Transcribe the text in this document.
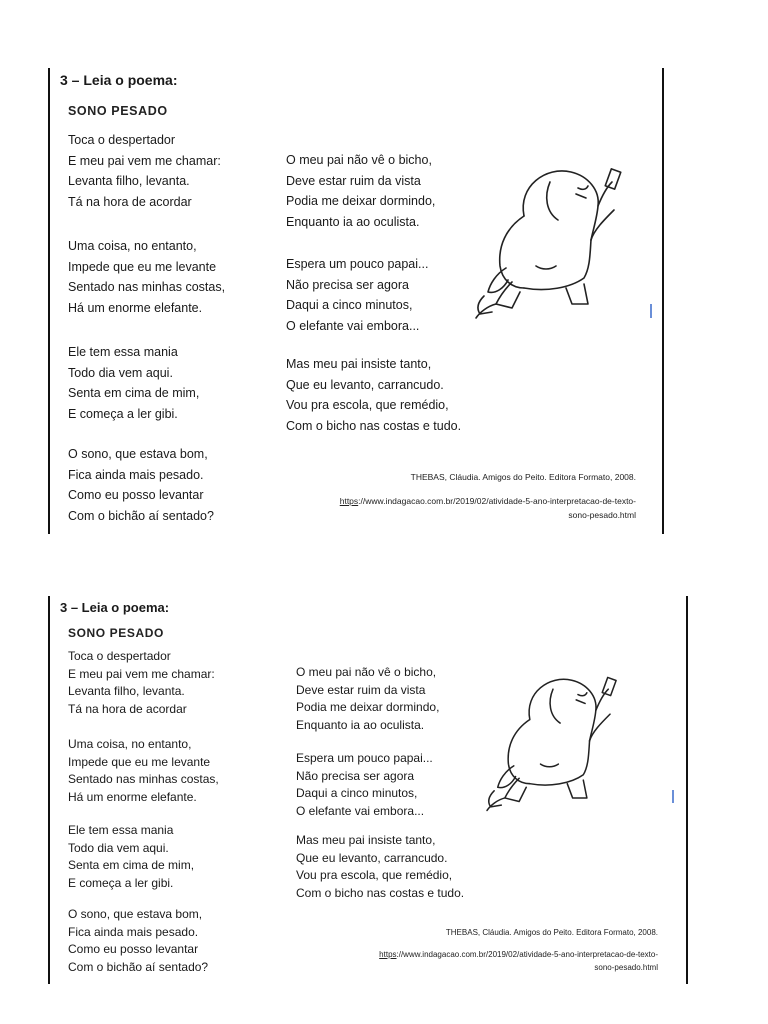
3 – Leia o poema:
SONO PESADO
Toca o despertador
E meu pai vem me chamar:
Levanta filho, levanta.
Tá na hora de acordar
Uma coisa, no entanto,
Impede que eu me levante
Sentado nas minhas costas,
Há um enorme elefante.
Ele tem essa mania
Todo dia vem aqui.
Senta em cima de mim,
E começa a ler gibi.
O sono, que estava bom,
Fica ainda mais pesado.
Como eu posso levantar
Com o bichão aí sentado?
O meu pai não vê o bicho,
Deve estar ruim da vista
Podia me deixar dormindo,
Enquanto ia ao oculista.
Espera um pouco papai...
Não precisa ser agora
Daqui a cinco minutos,
O elefante vai embora...
Mas meu pai insiste tanto,
Que eu levanto, carrancudo.
Vou pra escola, que remédio,
Com o bicho nas costas e tudo.
THEBAS, Cláudia. Amigos do Peito. Editora Formato, 2008.
https://www.indagacao.com.br/2019/02/atividade-5-ano-interpretacao-de-texto-
sono-pesado.html
3 – Leia o poema:
SONO PESADO
Toca o despertador
E meu pai vem me chamar:
Levanta filho, levanta.
Tá na hora de acordar
Uma coisa, no entanto,
Impede que eu me levante
Sentado nas minhas costas,
Há um enorme elefante.
Ele tem essa mania
Todo dia vem aqui.
Senta em cima de mim,
E começa a ler gibi.
O sono, que estava bom,
Fica ainda mais pesado.
Como eu posso levantar
Com o bichão aí sentado?
O meu pai não vê o bicho,
Deve estar ruim da vista
Podia me deixar dormindo,
Enquanto ia ao oculista.
Espera um pouco papai...
Não precisa ser agora
Daqui a cinco minutos,
O elefante vai embora...
Mas meu pai insiste tanto,
Que eu levanto, carrancudo.
Vou pra escola, que remédio,
Com o bicho nas costas e tudo.
THEBAS, Cláudia. Amigos do Peito. Editora Formato, 2008.
https://www.indagacao.com.br/2019/02/atividade-5-ano-interpretacao-de-texto-
sono-pesado.html
